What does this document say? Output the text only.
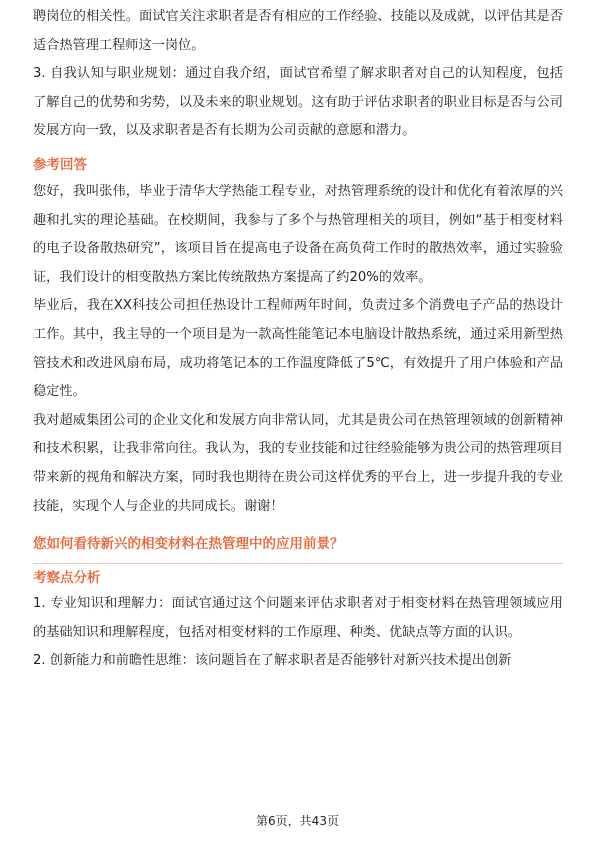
聘岗位的相关性。面试官关注求职者是否有相应的工作经验、技能以及成就，以评估其是否适合热管理工程师这一岗位。

3. 自我认知与职业规划：通过自我介绍，面试官希望了解求职者对自己的认知程度，包括了解自己的优势和劣势，以及未来的职业规划。这有助于评估求职者的职业目标是否与公司发展方向一致，以及求职者是否有长期为公司贡献的意愿和潜力。

参考回答

您好，我叫张伟，毕业于清华大学热能工程专业，对热管理系统的设计和优化有着浓厚的兴趣和扎实的理论基础。在校期间，我参与了多个与热管理相关的项目，例如“基于相变材料的电子设备散热研究”，该项目旨在提高电子设备在高负荷工作时的散热效率，通过实验验证，我们设计的相变散热方案比传统散热方案提高了约20%的效率。

毕业后，我在XX科技公司担任热设计工程师两年时间，负责过多个消费电子产品的热设计工作。其中，我主导的一个项目是为一款高性能笔记本电脑设计散热系统，通过采用新型热管技术和改进风扇布局，成功将笔记本的工作温度降低了5℃，有效提升了用户体验和产品稳定性。

我对超威集团公司的企业文化和发展方向非常认同，尤其是贵公司在热管理领域的创新精神和技术积累，让我非常向往。我认为，我的专业技能和过往经验能够为贵公司的热管理项目带来新的视角和解决方案，同时我也期待在贵公司这样优秀的平台上，进一步提升我的专业技能，实现个人与企业的共同成长。谢谢！

您如何看待新兴的相变材料在热管理中的应用前景？
考察点分析

1. 专业知识和理解力：面试官通过这个问题来评估求职者对于相变材料在热管理领域应用的基础知识和理解程度，包括对相变材料的工作原理、种类、优缺点等方面的认识。

2. 创新能力和前瞻性思维：该问题旨在了解求职者是否能够针对新兴技术提出创新

第6页，共43页
